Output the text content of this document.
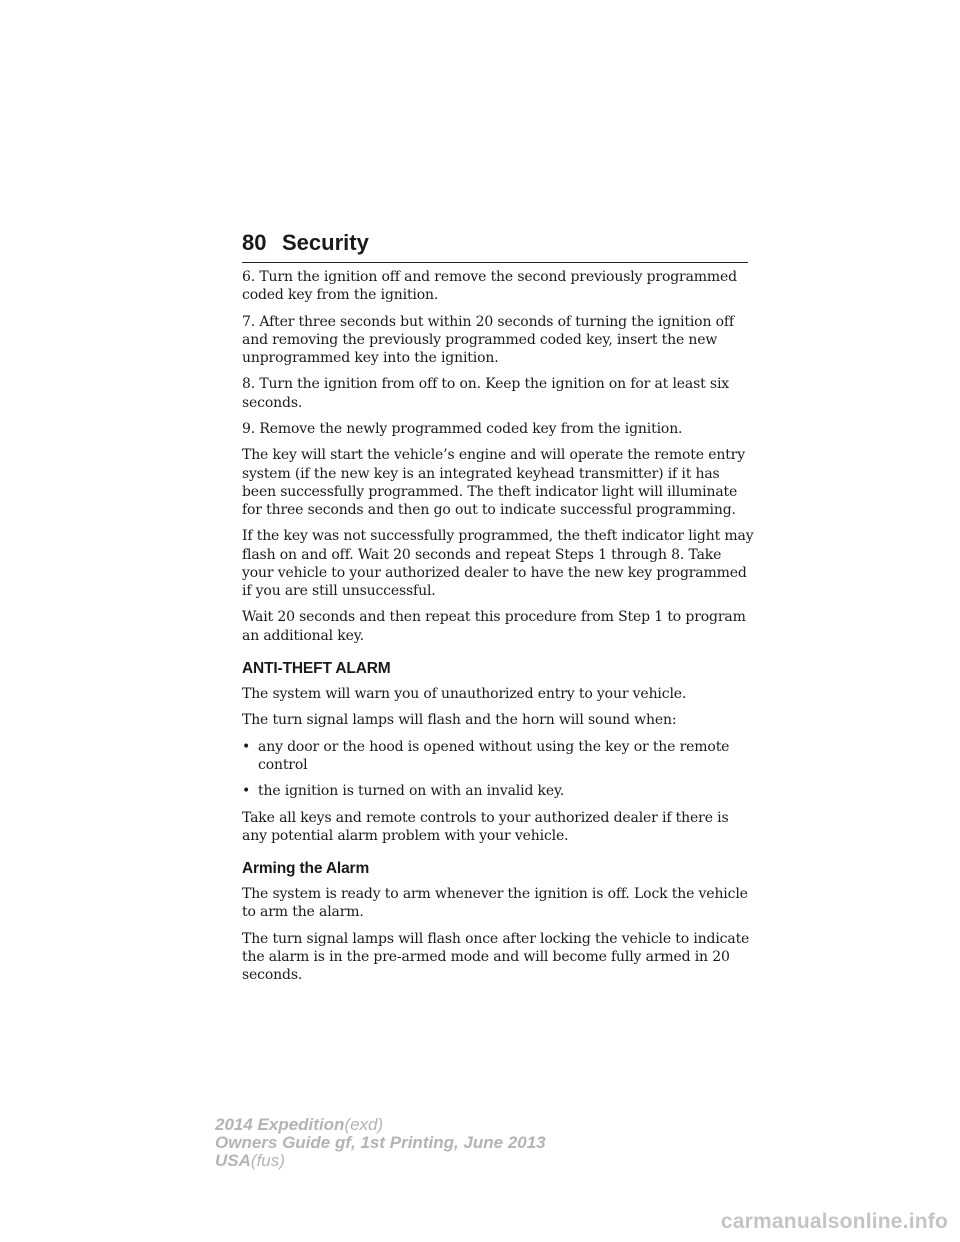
80 Security

6. Turn the ignition off and remove the second previously programmed coded key from the ignition.

7. After three seconds but within 20 seconds of turning the ignition off and removing the previously programmed coded key, insert the new unprogrammed key into the ignition.

8. Turn the ignition from off to on. Keep the ignition on for at least six seconds.

9. Remove the newly programmed coded key from the ignition.

The key will start the vehicle’s engine and will operate the remote entry system (if the new key is an integrated keyhead transmitter) if it has been successfully programmed. The theft indicator light will illuminate for three seconds and then go out to indicate successful programming.

If the key was not successfully programmed, the theft indicator light may flash on and off. Wait 20 seconds and repeat Steps 1 through 8. Take your vehicle to your authorized dealer to have the new key programmed if you are still unsuccessful.

Wait 20 seconds and then repeat this procedure from Step 1 to program an additional key.

ANTI-THEFT ALARM

The system will warn you of unauthorized entry to your vehicle.

The turn signal lamps will flash and the horn will sound when:

• any door or the hood is opened without using the key or the remote control
• the ignition is turned on with an invalid key.

Take all keys and remote controls to your authorized dealer if there is any potential alarm problem with your vehicle.

Arming the Alarm

The system is ready to arm whenever the ignition is off. Lock the vehicle to arm the alarm.

The turn signal lamps will flash once after locking the vehicle to indicate the alarm is in the pre-armed mode and will become fully armed in 20 seconds.

2014 Expedition(exd)
Owners Guide gf, 1st Printing, June 2013
USA(fus)
carmanualsonline.info
